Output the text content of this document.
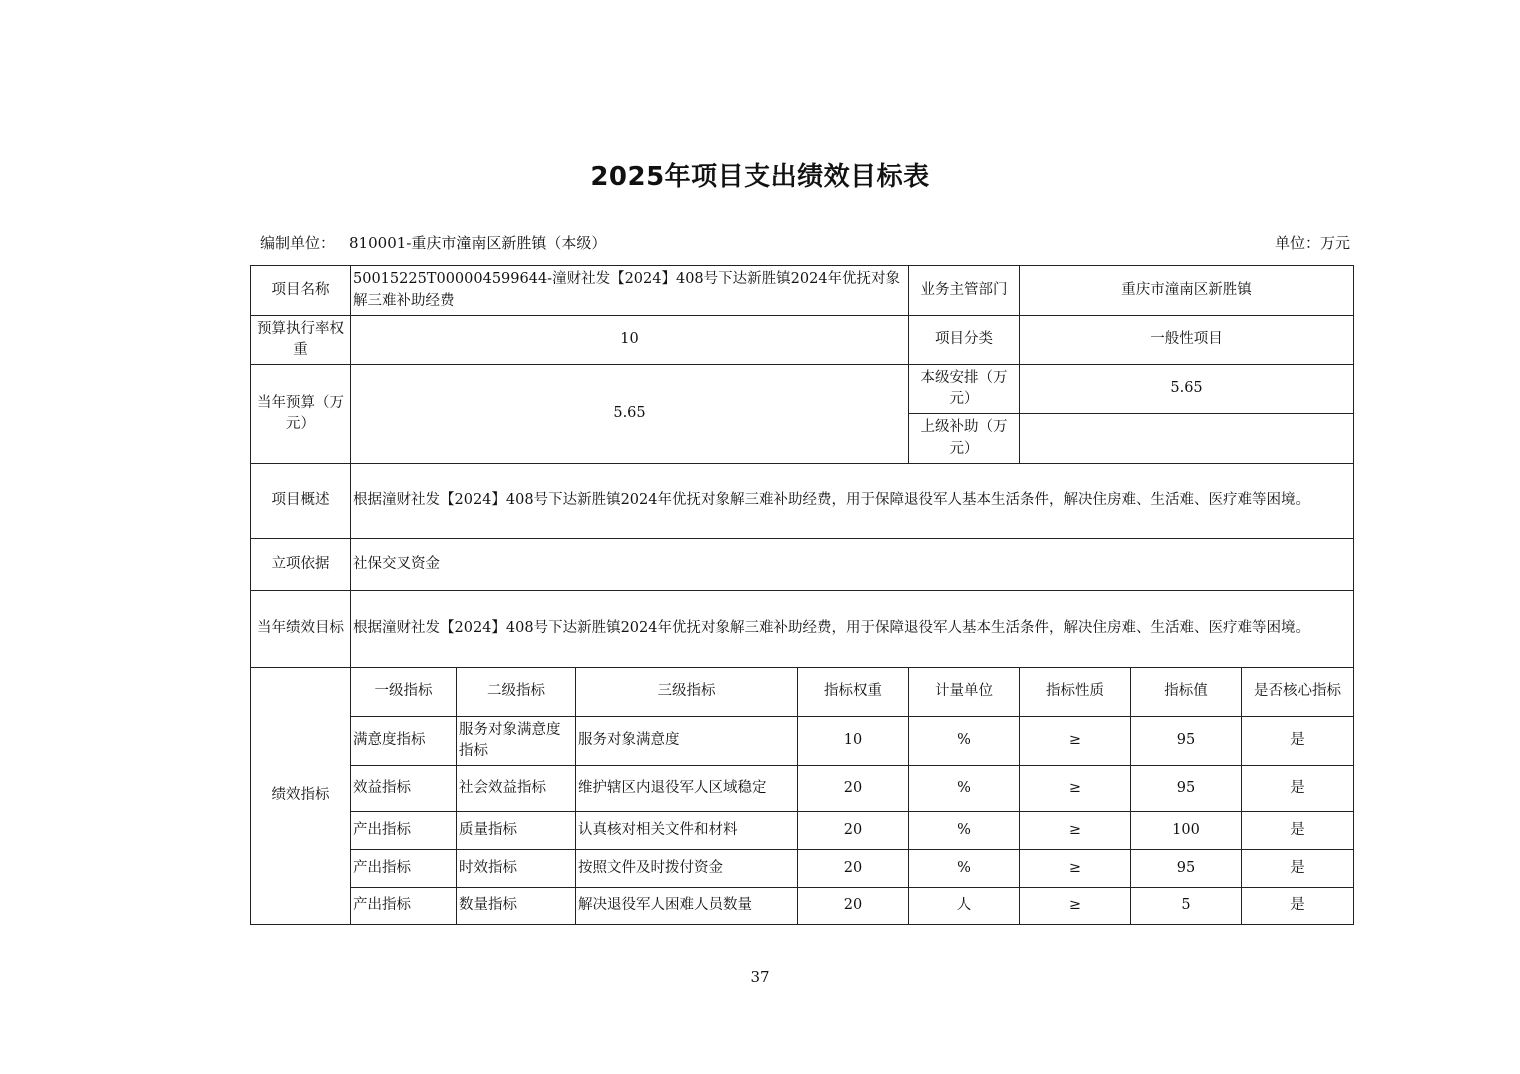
2025年项目支出绩效目标表
编制单位： 810001-重庆市潼南区新胜镇（本级）	单位：万元
项目名称	50015225T000004599644-潼财社发【2024】408号下达新胜镇2024年优抚对象解三难补助经费				业务主管部门	重庆市潼南区新胜镇		
预算执行率权重	10				项目分类	一般性项目		
当年预算（万元）	5.65				本级安排（万元）	5.65		
					上级补助（万元）			
项目概述	根据潼财社发【2024】408号下达新胜镇2024年优抚对象解三难补助经费，用于保障退役军人基本生活条件，解决住房难、生活难、医疗难等困境。							
立项依据	社保交叉资金							
当年绩效目标	根据潼财社发【2024】408号下达新胜镇2024年优抚对象解三难补助经费，用于保障退役军人基本生活条件，解决住房难、生活难、医疗难等困境。							
绩效指标	一级指标	二级指标	三级指标	指标权重	计量单位	指标性质	指标值	是否核心指标
	满意度指标	服务对象满意度指标	服务对象满意度	10	%	≥	95	是
	效益指标	社会效益指标	维护辖区内退役军人区域稳定	20	%	≥	95	是
	产出指标	质量指标	认真核对相关文件和材料	20	%	≥	100	是
	产出指标	时效指标	按照文件及时拨付资金	20	%	≥	95	是
	产出指标	数量指标	解决退役军人困难人员数量	20	人	≥	5	是
37
